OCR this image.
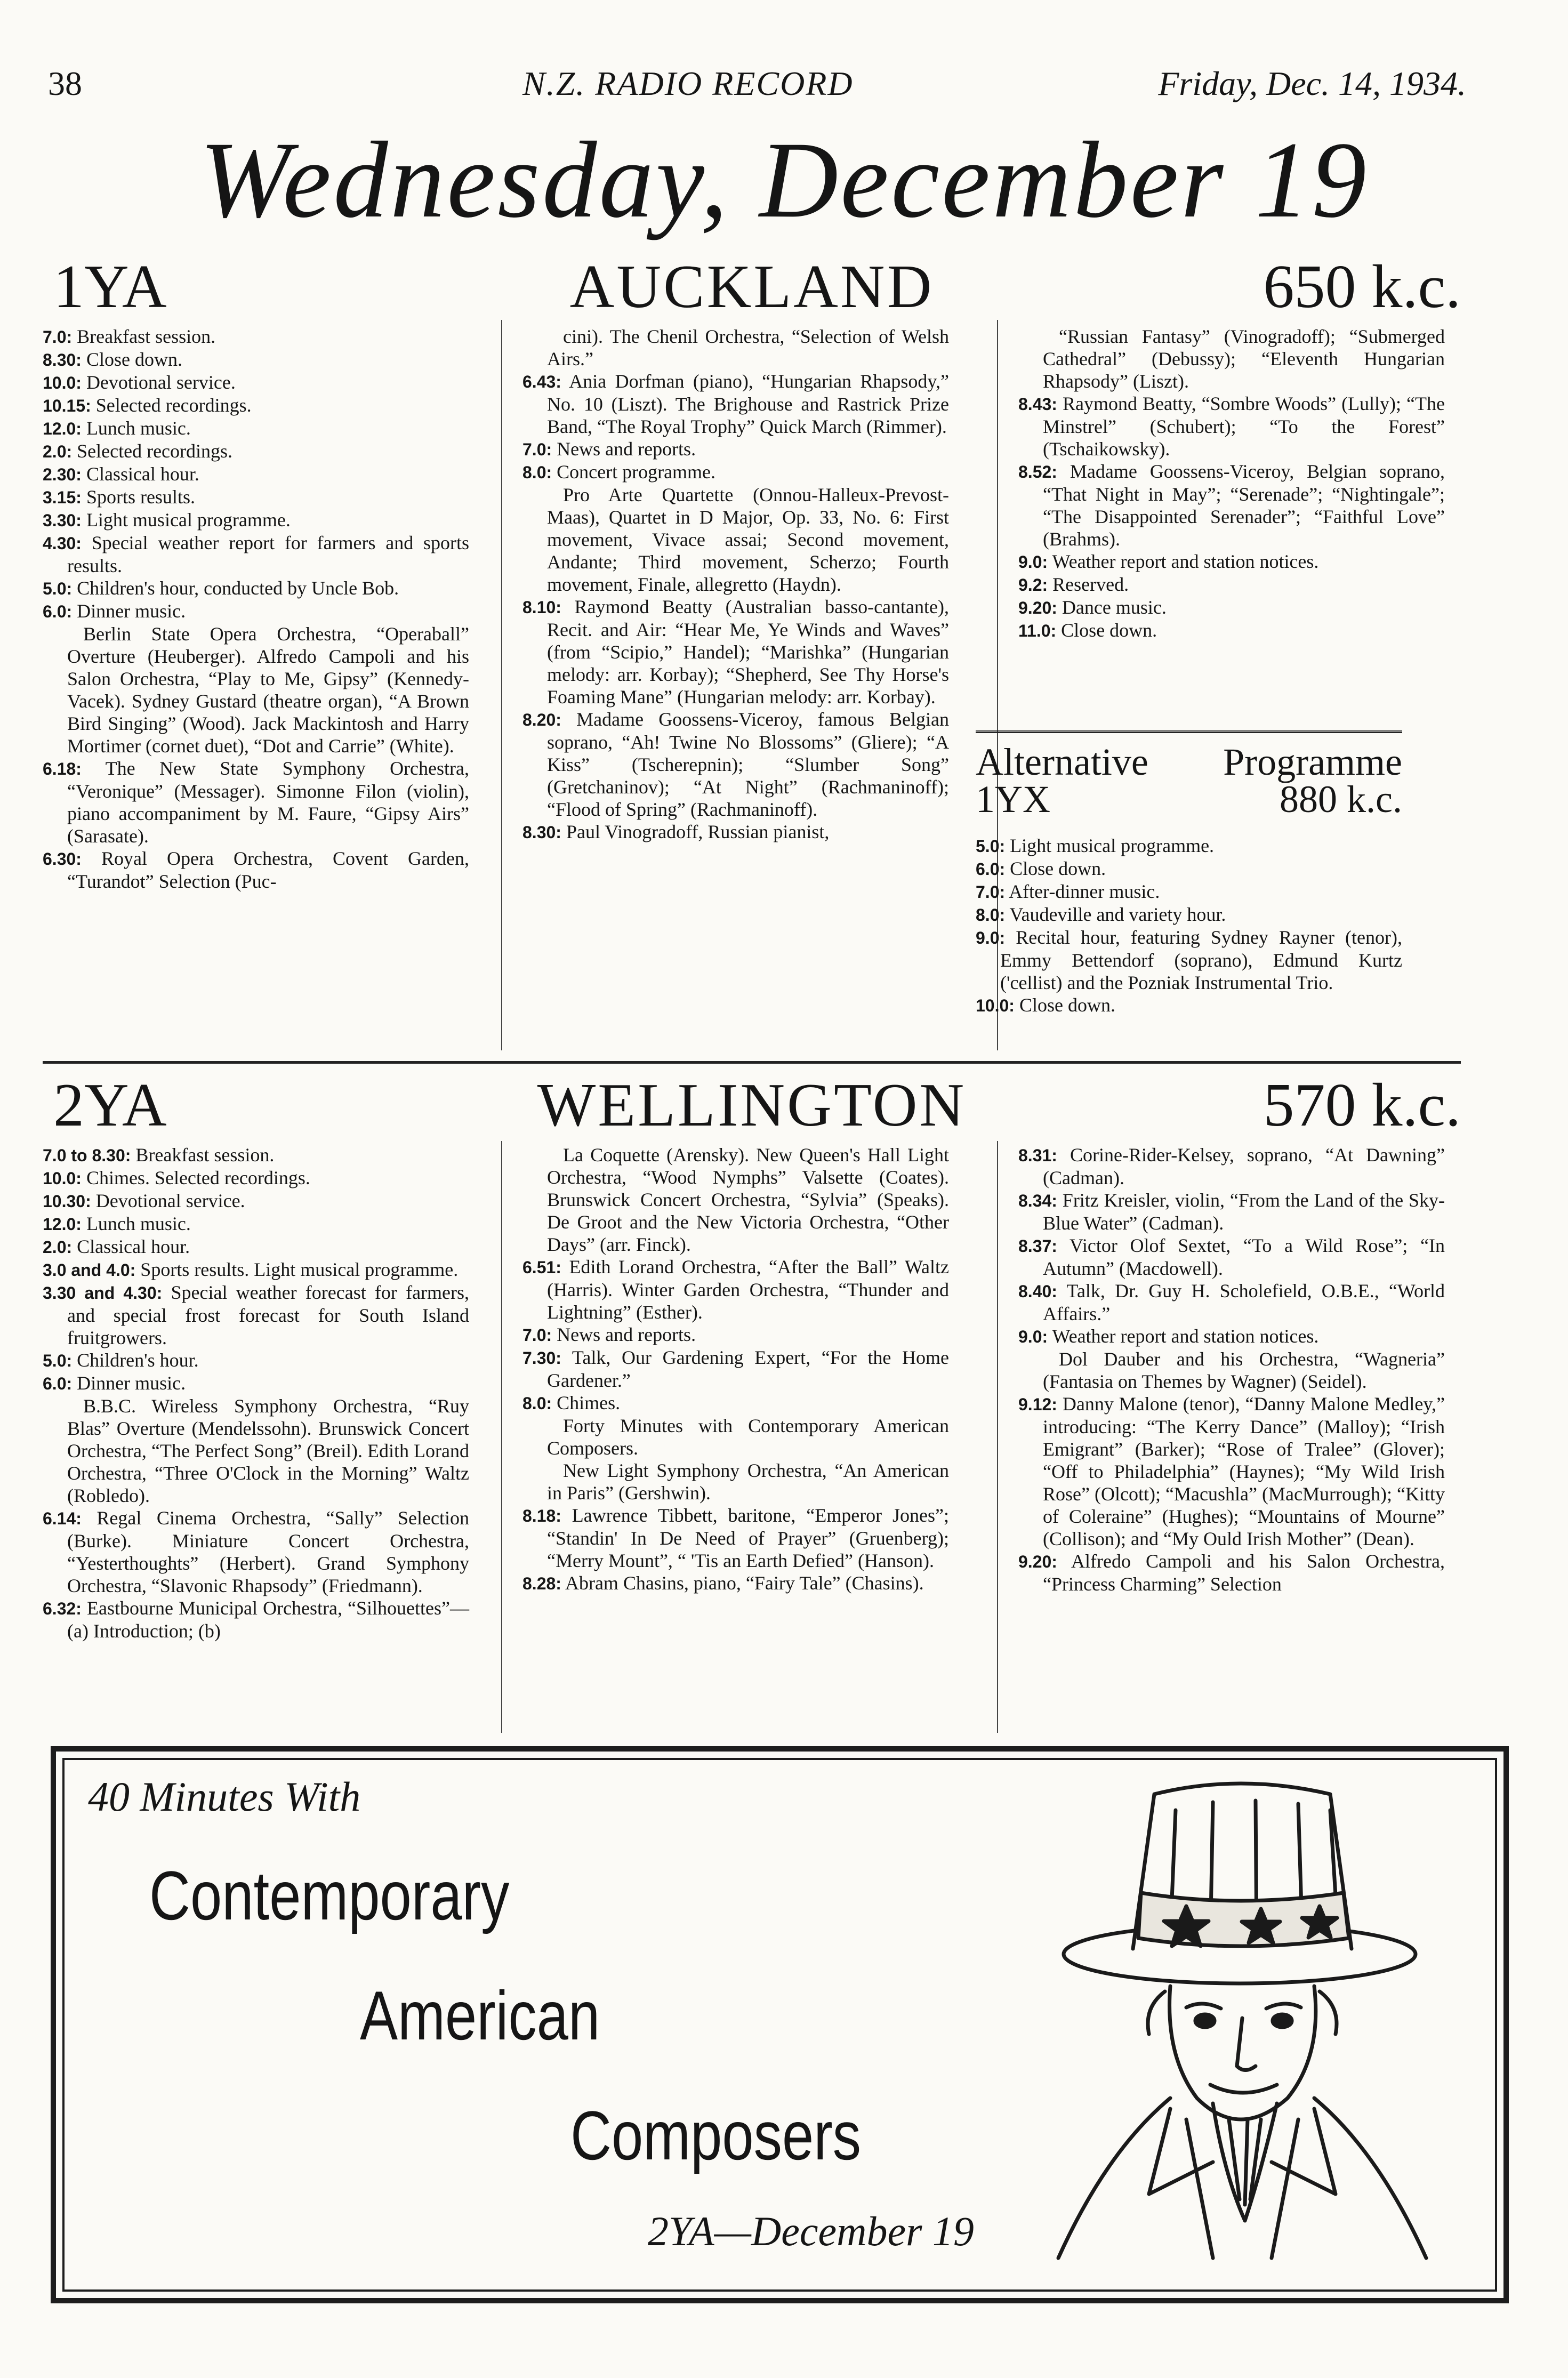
38	N.Z. RADIO RECORD	Friday, Dec. 14, 1934.
Wednesday, December 19
1YA	AUCKLAND	650 k.c.

7.0: Breakfast session.

8.30: Close down.

10.0: Devotional service.

10.15: Selected recordings.

12.0: Lunch music.

2.0: Selected recordings.

2.30: Classical hour.

3.15: Sports results.

3.30: Light musical programme.

4.30: Special weather report for farmers and sports results.

5.0: Children's hour, conducted by Uncle Bob.

6.0: Dinner music.

Berlin State Opera Orchestra, “Operaball” Overture (Heuberger). Alfredo Campoli and his Salon Orchestra, “Play to Me, Gipsy” (Kennedy-Vacek). Sydney Gustard (theatre organ), “A Brown Bird Singing” (Wood). Jack Mackintosh and Harry Mortimer (cornet duet), “Dot and Carrie” (White).

6.18: The New State Symphony Orchestra, “Veronique” (Messager). Simonne Filon (violin), piano accompaniment by M. Faure, “Gipsy Airs” (Sarasate).

6.30: Royal Opera Orchestra, Covent Garden, “Turandot” Selection (Puc-

cini). The Chenil Orchestra, “Selection of Welsh Airs.”

6.43: Ania Dorfman (piano), “Hungarian Rhapsody,” No. 10 (Liszt). The Brighouse and Rastrick Prize Band, “The Royal Trophy” Quick March (Rimmer).

7.0: News and reports.

8.0: Concert programme.

Pro Arte Quartette (Onnou-Halleux-Prevost-Maas), Quartet in D Major, Op. 33, No. 6: First movement, Vivace assai; Second movement, Andante; Third movement, Scherzo; Fourth movement, Finale, allegretto (Haydn).

8.10: Raymond Beatty (Australian basso-cantante), Recit. and Air: “Hear Me, Ye Winds and Waves” (from “Scipio,” Handel); “Marishka” (Hungarian melody: arr. Korbay); “Shepherd, See Thy Horse's Foaming Mane” (Hungarian melody: arr. Korbay).

8.20: Madame Goossens-Viceroy, famous Belgian soprano, “Ah! Twine No Blossoms” (Gliere); “A Kiss” (Tscherepnin); “Slumber Song” (Gretchaninov); “At Night” (Rachmaninoff); “Flood of Spring” (Rachmaninoff).

8.30: Paul Vinogradoff, Russian pianist,

“Russian Fantasy” (Vinogradoff); “Submerged Cathedral” (Debussy); “Eleventh Hungarian Rhapsody” (Liszt).

8.43: Raymond Beatty, “Sombre Woods” (Lully); “The Minstrel” (Schubert); “To the Forest” (Tschaikowsky).

8.52: Madame Goossens-Viceroy, Belgian soprano, “That Night in May”; “Serenade”; “Nightingale”; “The Disappointed Serenader”; “Faithful Love” (Brahms).

9.0: Weather report and station notices.

9.2: Reserved.

9.20: Dance music.

11.0: Close down.

Alternative Programme
1YX	880 k.c.

5.0: Light musical programme.

6.0: Close down.

7.0: After-dinner music.

8.0: Vaudeville and variety hour.

9.0: Recital hour, featuring Sydney Rayner (tenor), Emmy Bettendorf (soprano), Edmund Kurtz ('cellist) and the Pozniak Instrumental Trio.

10.0: Close down.

2YA	WELLINGTON	570 k.c.

7.0 to 8.30: Breakfast session.

10.0: Chimes. Selected recordings.

10.30: Devotional service.

12.0: Lunch music.

2.0: Classical hour.

3.0 and 4.0: Sports results. Light musical programme.

3.30 and 4.30: Special weather forecast for farmers, and special frost forecast for South Island fruitgrowers.

5.0: Children's hour.

6.0: Dinner music.

B.B.C. Wireless Symphony Orchestra, “Ruy Blas” Overture (Mendelssohn). Brunswick Concert Orchestra, “The Perfect Song” (Breil). Edith Lorand Orchestra, “Three O'Clock in the Morning” Waltz (Robledo).

6.14: Regal Cinema Orchestra, “Sally” Selection (Burke). Miniature Concert Orchestra, “Yesterthoughts” (Herbert). Grand Symphony Orchestra, “Slavonic Rhapsody” (Friedmann).

6.32: Eastbourne Municipal Orchestra, “Silhouettes”—(a) Introduction; (b)

La Coquette (Arensky). New Queen's Hall Light Orchestra, “Wood Nymphs” Valsette (Coates). Brunswick Concert Orchestra, “Sylvia” (Speaks). De Groot and the New Victoria Orchestra, “Other Days” (arr. Finck).

6.51: Edith Lorand Orchestra, “After the Ball” Waltz (Harris). Winter Garden Orchestra, “Thunder and Lightning” (Esther).

7.0: News and reports.

7.30: Talk, Our Gardening Expert, “For the Home Gardener.”

8.0: Chimes.

Forty Minutes with Contemporary American Composers.

New Light Symphony Orchestra, “An American in Paris” (Gershwin).

8.18: Lawrence Tibbett, baritone, “Emperor Jones”; “Standin' In De Need of Prayer” (Gruenberg); “Merry Mount”, “ 'Tis an Earth Defied” (Hanson).

8.28: Abram Chasins, piano, “Fairy Tale” (Chasins).

8.31: Corine-Rider-Kelsey, soprano, “At Dawning” (Cadman).

8.34: Fritz Kreisler, violin, “From the Land of the Sky-Blue Water” (Cadman).

8.37: Victor Olof Sextet, “To a Wild Rose”; “In Autumn” (Macdowell).

8.40: Talk, Dr. Guy H. Scholefield, O.B.E., “World Affairs.”

9.0: Weather report and station notices.

Dol Dauber and his Orchestra, “Wagneria” (Fantasia on Themes by Wagner) (Seidel).

9.12: Danny Malone (tenor), “Danny Malone Medley,” introducing: “The Kerry Dance” (Malloy); “Irish Emigrant” (Barker); “Rose of Tralee” (Glover); “Off to Philadelphia” (Haynes); “My Wild Irish Rose” (Olcott); “Macushla” (MacMurrough); “Kitty of Coleraine” (Hughes); “Mountains of Mourne” (Collison); and “My Ould Irish Mother” (Dean).

9.20: Alfredo Campoli and his Salon Orchestra, “Princess Charming” Selection

40 Minutes With
Contemporary
American
Composers
2YA—December 19
